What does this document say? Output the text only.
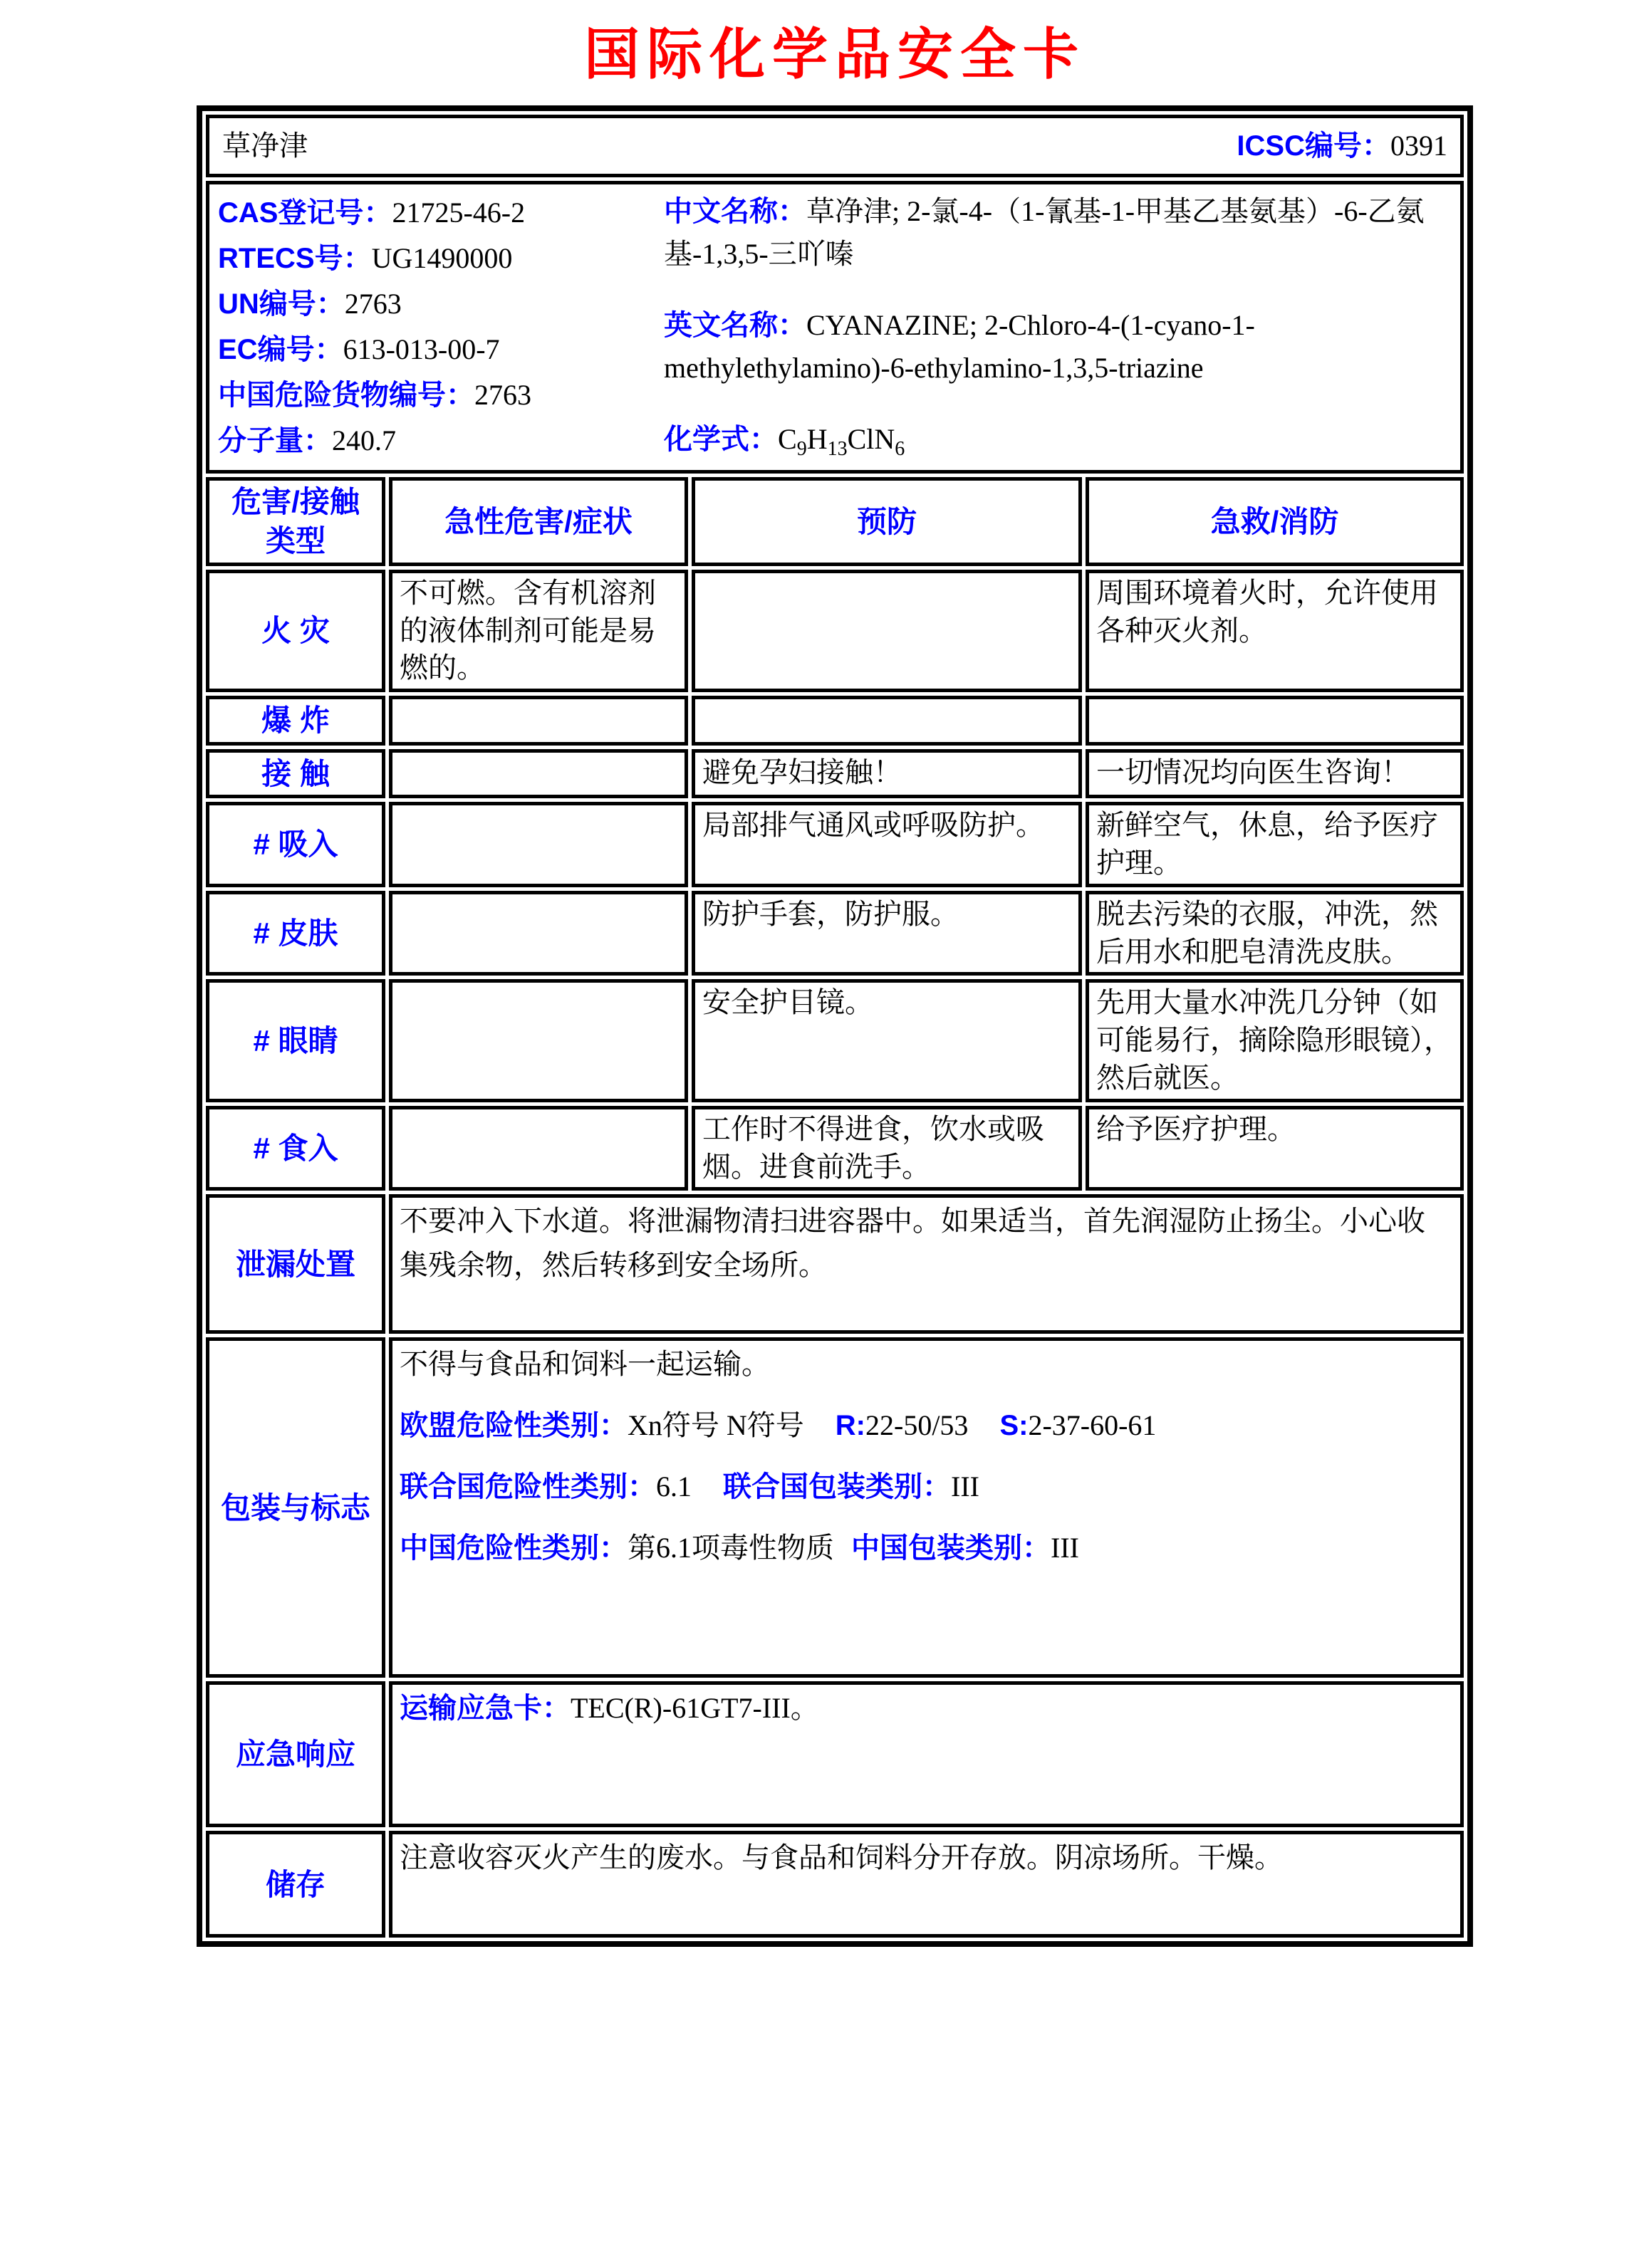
国际化学品安全卡
草净津 ICSC编号：0391			

CAS登记号：21725-46-2
RTECS号：UG1490000
UN编号：2763
EC编号：613-013-00-7
中国危险货物编号：2763
分子量：240.7

中文名称：草净津; 2-氯-4-（1-氰基-1-甲基乙基氨基）-6-乙氨基-1,3,5-三吖嗪

英文名称：CYANAZINE; 2-Chloro-4-(1-cyano-1-methylethylamino)-6-ethylamino-1,3,5-triazine

化学式：$C_9H_{13}ClN_6$

危害/接触类型	急性危害/症状	预防	急救/消防
火 灾	不可燃。含有机溶剂的液体制剂可能是易燃的。		周围环境着火时，允许使用各种灭火剂。
爆 炸			
接 触		避免孕妇接触！	一切情况均向医生咨询！
# 吸入		局部排气通风或呼吸防护。	新鲜空气，休息，给予医疗护理。
# 皮肤		防护手套，防护服。	脱去污染的衣服，冲洗，然后用水和肥皂清洗皮肤。
# 眼睛		安全护目镜。	先用大量水冲洗几分钟（如可能易行，摘除隐形眼镜），然后就医。
# 食入		工作时不得进食，饮水或吸烟。进食前洗手。	给予医疗护理。
泄漏处置	不要冲入下水道。将泄漏物清扫进容器中。如果适当，首先润湿防止扬尘。小心收集残余物，然后转移到安全场所。		

包装与标志	不得与食品和饲料一起运输。

欧盟危险性类别：Xn符号 N符号 R:22-50/53 S:2-37-60-61

联合国危险性类别：6.1 联合国包装类别：III

中国危险性类别：第6.1项毒性物质 中国包装类别：III		

应急响应	运输应急卡：TEC(R)-61GT7-III。		

储存	注意收容灭火产生的废水。与食品和饲料分开存放。阴凉场所。干燥。		
